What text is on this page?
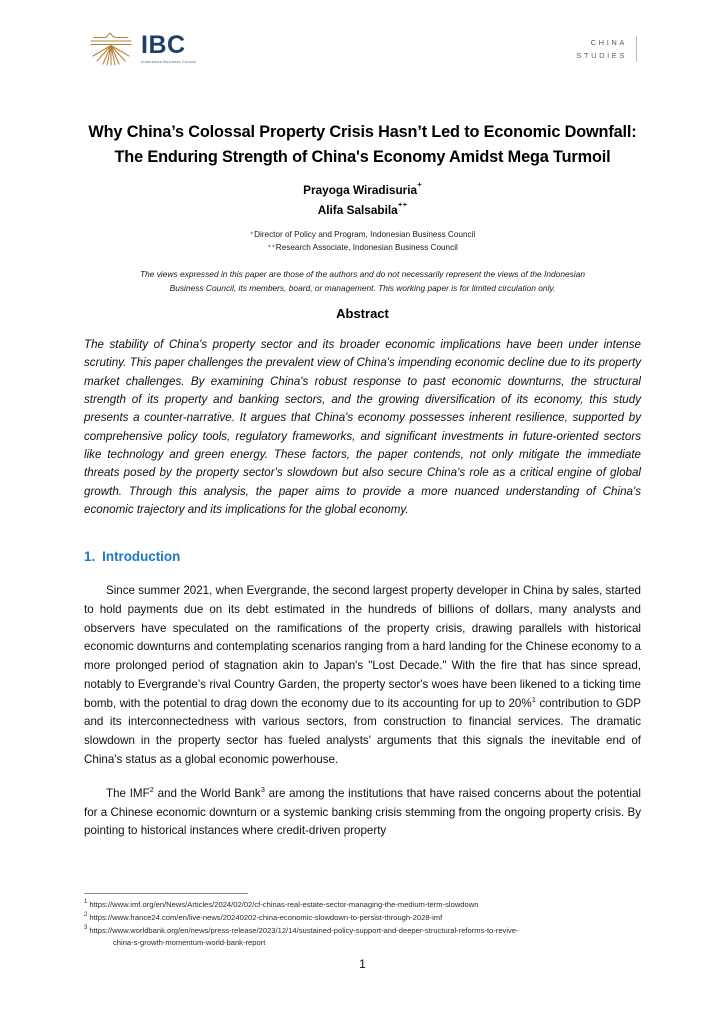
IBC
Indonesian Business Council
CHINA
STUDIES
Why China’s Colossal Property Crisis Hasn’t Led to Economic Downfall:
The Enduring Strength of China's Economy Amidst Mega Turmoil
Prayoga Wiradisuria⁺
Alifa Salsabila⁺⁺
⁺Director of Policy and Program, Indonesian Business Council
⁺⁺Research Associate, Indonesian Business Council
The views expressed in this paper are those of the authors and do not necessarily represent the views of the Indonesian Business Council, its members, board, or management. This working paper is for limited circulation only.
Abstract
The stability of China's property sector and its broader economic implications have been under intense scrutiny. This paper challenges the prevalent view of China's impending economic decline due to its property market challenges. By examining China's robust response to past economic downturns, the structural strength of its property and banking sectors, and the growing diversification of its economy, this study presents a counter-narrative. It argues that China's economy possesses inherent resilience, supported by comprehensive policy tools, regulatory frameworks, and significant investments in future-oriented sectors like technology and green energy. These factors, the paper contends, not only mitigate the immediate threats posed by the property sector's slowdown but also secure China's role as a critical engine of global growth. Through this analysis, the paper aims to provide a more nuanced understanding of China's economic trajectory and its implications for the global economy.
1. Introduction

Since summer 2021, when Evergrande, the second largest property developer in China by sales, started to hold payments due on its debt estimated in the hundreds of billions of dollars, many analysts and observers have speculated on the ramifications of the property crisis, drawing parallels with historical economic downturns and contemplating scenarios ranging from a hard landing for the Chinese economy to a more prolonged period of stagnation akin to Japan's "Lost Decade." With the fire that has since spread, notably to Evergrande’s rival Country Garden, the property sector's woes have been likened to a ticking time bomb, with the potential to drag down the economy due to its accounting for up to 20%$^1$ contribution to GDP and its interconnectedness with various sectors, from construction to financial services. The dramatic slowdown in the property sector has fueled analysts' arguments that this signals the inevitable end of China's status as a global economic powerhouse.

The IMF$^2$ and the World Bank$^3$ are among the institutions that have raised concerns about the potential for a Chinese economic downturn or a systemic banking crisis stemming from the ongoing property crisis. By pointing to historical instances where credit-driven property

$^1$ https://www.imf.org/en/News/Articles/2024/02/02/cf-chinas-real-estate-sector-managing-the-medium-term-slowdown
$^2$ https://www.france24.com/en/live-news/20240202-china-economic-slowdown-to-persist-through-2028-imf
$^3$ https://www.worldbank.org/en/news/press-release/2023/12/14/sustained-policy-support-and-deeper-structural-reforms-to-revive-
china-s-growth-momentum-world-bank-report
1
